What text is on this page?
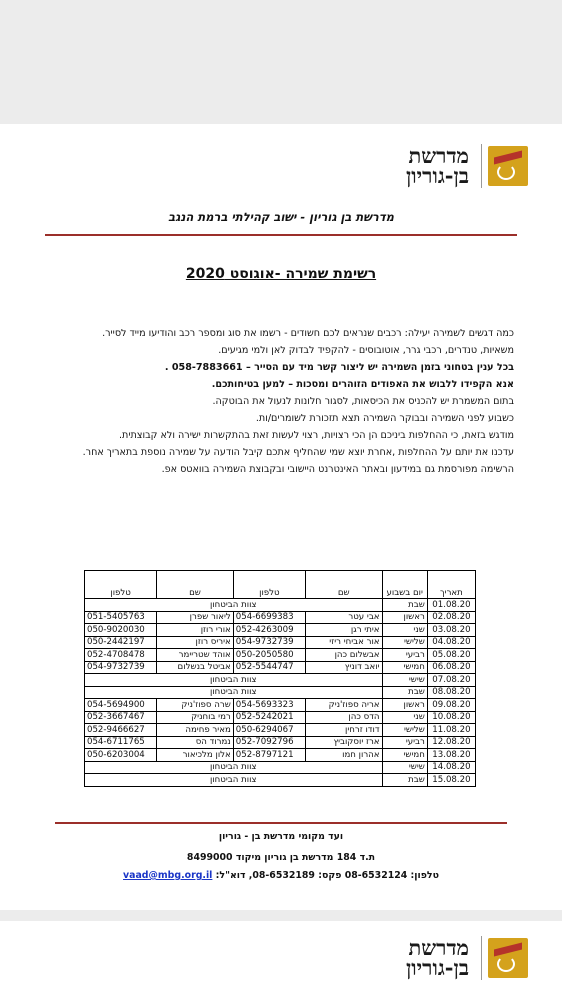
מדרשת
בן-גוריון
מדרשת בן גוריון - ישוב קהילתי ברמת הנגב
רשימת שמירה -אוגוסט 2020

כמה דגשים לשמירה יעילה: רכבים שנראים לכם חשודים - רשמו את סוג ומספר רכב והודיעו מייד לסייר.

משאיות, טנדרים, רכבי גרר, אוטובוסים - להקפיד לבדוק לאן ולמי מגיעים.

בכל ענין בטחוני בזמן השמירה יש ליצור קשר מיד עם הסייר – 058-7883661 .

אנא הקפידו ללבוש את האפודים הזוהרים ומסכות – למען בטיחותכם.

בתום המשמרת יש להכניס את הכיסאות, לסגור חלונות לנעול את הבוטקה.

כשבוע לפני השמירה ובבוקר השמירה תצא תזכורת לשומרים/ות.

מודגש בזאת, כי ההחלפות ביניכם הן הכי רצויות, רצוי לעשות זאת בהתקשרות ישירה ולא קבוצתית.

עדכנו את יותם על ההחלפות ,אחרת יוצא שמי שהחליף אתכם קיבל הודעה על שמירה נוספת בתאריך אחר.

הרשימה מפורסמת גם במידעון ובאתר האינטרנט היישובי ובקבוצת השמירה בוואטס אפ.

תאריך	יום בשבוע	שם	טלפון	שם	טלפון
01.08.20	שבת	צוות הביטחון			
02.08.20	ראשון	אבי עטר	054-6699383	ליאור שפרן	051-5405763
03.08.20	שני	איתי רגן	052-4263009	אורי רוזן	050-9020030
04.08.20	שלישי	אור אביחי ריזי	054-9732739	איריס רוזן	050-2442197
05.08.20	רביעי	אבשלום כהן	050-2050580	אוהד שטריימר	052-4708478
06.08.20	חמישי	יואב דוניץ	052-5544747	אביטל בנשלום	054-9732739
07.08.20	שישי	צוות הביטחון			
08.08.20	שבת	צוות הביטחון			
09.08.20	ראשון	אריה ספוז'ניק	054-5693323	שרה ספוז'ניק	054-5694900
10.08.20	שני	הדס כהן	052-5242021	רמי בוחניק	052-3667467
11.08.20	שלישי	דודו זרחין	050-6294067	מאיר פחימה	052-9466627
12.08.20	רביעי	ארז יוסקוביץ	052-7092796	נמרוד הס	054-6711765
13.08.20	חמישי	אהרון חמו	052-8797121	אלון מלכיאור	050-6203004
14.08.20	שישי	צוות הביטחון			
15.08.20	שבת	צוות הביטחון			
ועד מקומי מדרשת בן - גוריון
ת.ד 184 מדרשת בן גוריון מיקוד 8499000
טלפון: 08-6532124 פקס: 08-6532189, דוא"ל: vaad@mbg.org.il
מדרשת
בן-גוריון
